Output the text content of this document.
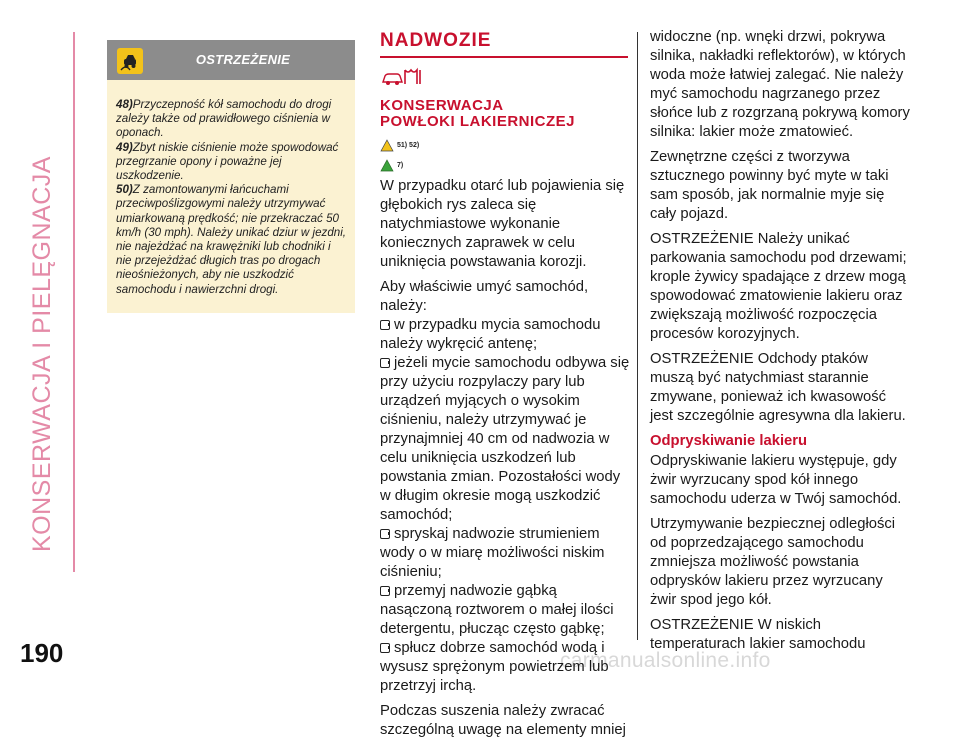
KONSERWACJA I PIELĘGNACJA
190	carmanualsonline.info
OSTRZEŻENIE

48)Przyczepność kół samochodu do drogi zależy także od prawidłowego ciśnienia w oponach.

49)Zbyt niskie ciśnienie może spowodować przegrzanie opony i poważne jej uszkodzenie.

50)Z zamontowanymi łańcuchami przeciwpoślizgowymi należy utrzymywać umiarkowaną prędkość; nie przekraczać 50 km/h (30 mph). Należy unikać dziur w jezdni, nie najeżdżać na krawężniki lub chodniki i nie przejeżdżać długich tras po drogach nieośnieżonych, aby nie uszkodzić samochodu i nawierzchni drogi.

NADWOZIE
KONSERWACJA
POWŁOKI LAKIERNICZEJ
51) 52)
7)

W przypadku otarć lub pojawienia się głębokich rys zaleca się natychmiastowe wykonanie koniecznych zaprawek w celu uniknięcia powstawania korozji.

Aby właściwie umyć samochód, należy:

w przypadku mycia samochodu należy wykręcić antenę;
jeżeli mycie samochodu odbywa się przy użyciu rozpylaczy pary lub urządzeń myjących o wysokim ciśnieniu, należy utrzymywać je przynajmniej 40 cm od nadwozia w celu uniknięcia uszkodzeń lub powstania zmian. Pozostałości wody w długim okresie mogą uszkodzić samochód;
spryskaj nadwozie strumieniem wody o w miarę możliwości niskim ciśnieniu;
przemyj nadwozie gąbką nasączoną roztworem o małej ilości detergentu, płucząc często gąbkę;
spłucz dobrze samochód wodą i wysusz sprężonym powietrzem lub przetrzyj irchą.

Podczas suszenia należy zwracać szczególną uwagę na elementy mniej

widoczne (np. wnęki drzwi, pokrywa silnika, nakładki reflektorów), w których woda może łatwiej zalegać. Nie należy myć samochodu nagrzanego przez słońce lub z rozgrzaną pokrywą komory silnika: lakier może zmatowieć.

Zewnętrzne części z tworzywa sztucznego powinny być myte w taki sam sposób, jak normalnie myje się cały pojazd.

OSTRZEŻENIE Należy unikać parkowania samochodu pod drzewami; krople żywicy spadające z drzew mogą spowodować zmatowienie lakieru oraz zwiększają możliwość rozpoczęcia procesów korozyjnych.

OSTRZEŻENIE Odchody ptaków muszą być natychmiast starannie zmywane, ponieważ ich kwasowość jest szczególnie agresywna dla lakieru.

Odpryskiwanie lakieru

Odpryskiwanie lakieru występuje, gdy żwir wyrzucany spod kół innego samochodu uderza w Twój samochód.

Utrzymywanie bezpiecznej odległości od poprzedzającego samochodu zmniejsza możliwość powstania odprysków lakieru przez wyrzucany żwir spod jego kół.

OSTRZEŻENIE W niskich temperaturach lakier samochodu
